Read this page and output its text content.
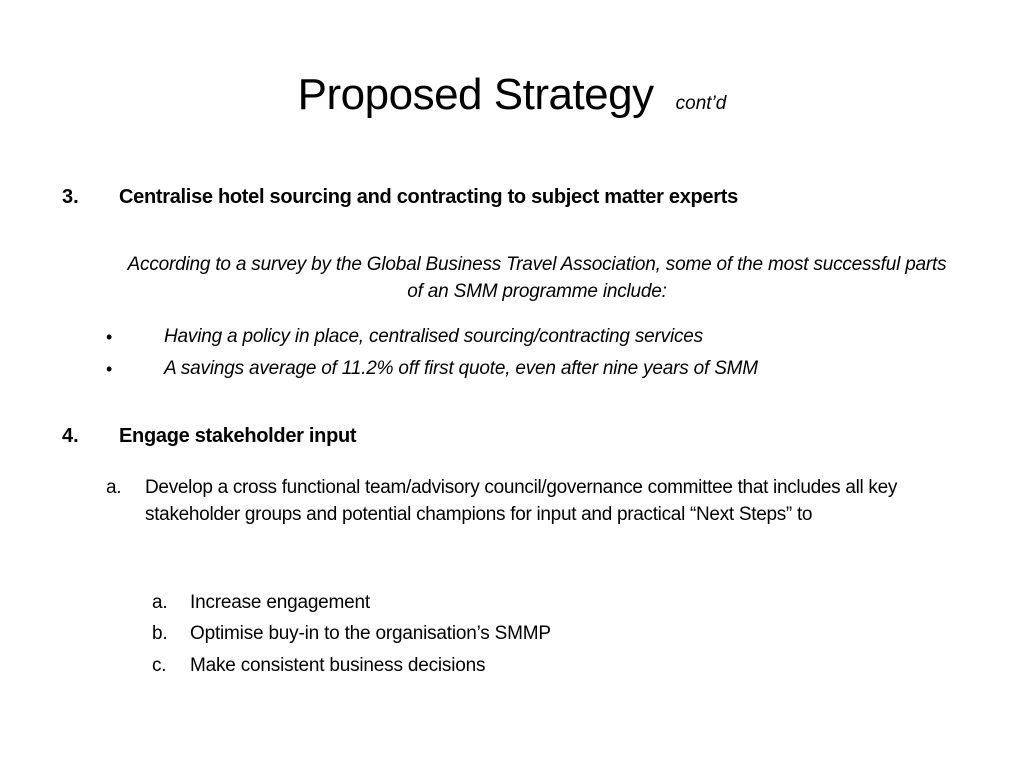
Proposed Strategy cont’d
3. Centralise hotel sourcing and contracting to subject matter experts
According to a survey by the Global Business Travel Association, some of the most successful parts of an SMM programme include:
•	Having a policy in place, centralised sourcing/contracting services
•	A savings average of 11.2% off first quote, even after nine years of SMM
4. Engage stakeholder input
a. Develop a cross functional team/advisory council/governance committee that includes all key stakeholder groups and potential champions for input and practical “Next Steps” to
a. Increase engagement
b. Optimise buy-in to the organisation’s SMMP
c. Make consistent business decisions
